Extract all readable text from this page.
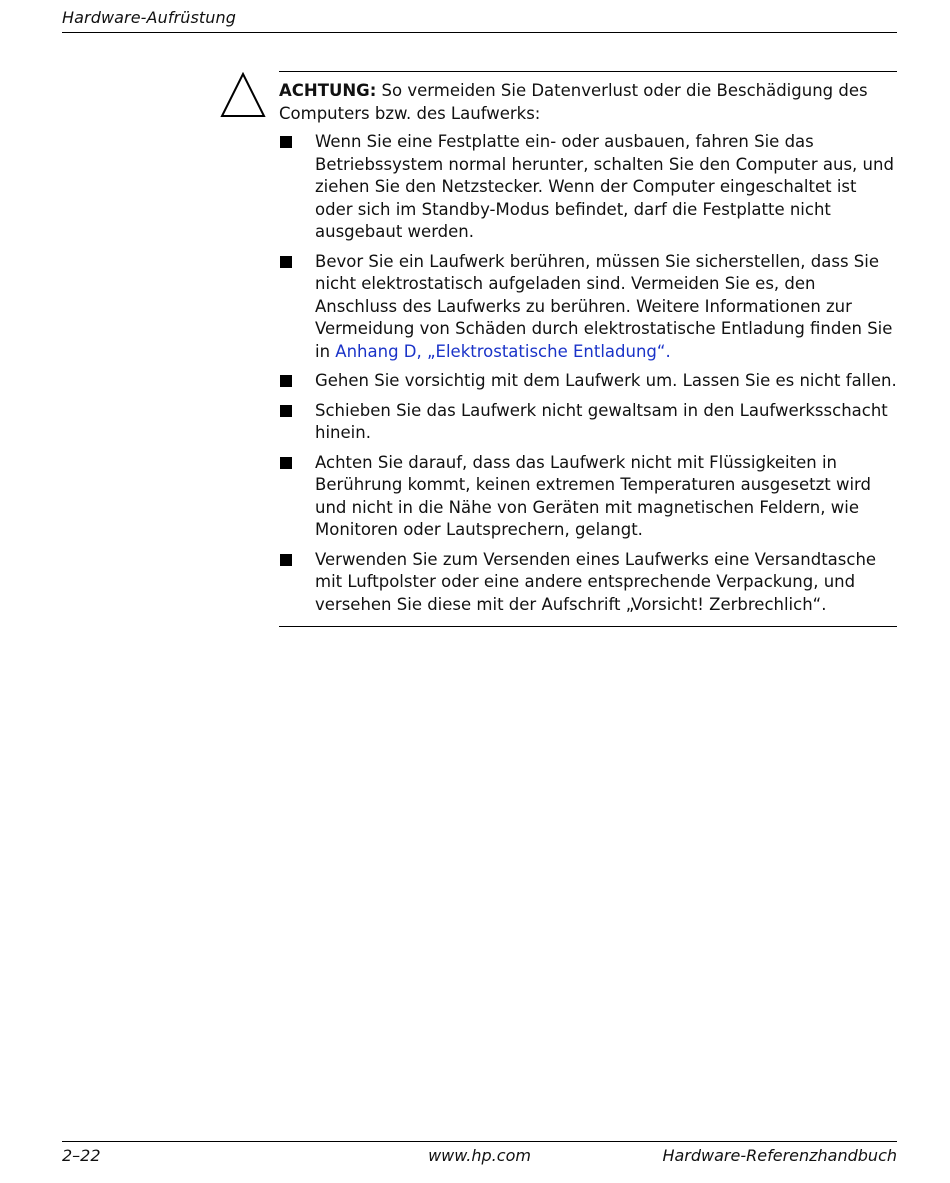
Hardware-Aufrüstung

ACHTUNG: So vermeiden Sie Datenverlust oder die Beschädigung des Computers bzw. des Laufwerks:

Wenn Sie eine Festplatte ein- oder ausbauen, fahren Sie das Betriebssystem normal herunter, schalten Sie den Computer aus, und ziehen Sie den Netzstecker. Wenn der Computer eingeschaltet ist oder sich im Standby-Modus befindet, darf die Festplatte nicht ausgebaut werden.
Bevor Sie ein Laufwerk berühren, müssen Sie sicherstellen, dass Sie nicht elektrostatisch aufgeladen sind. Vermeiden Sie es, den Anschluss des Laufwerks zu berühren. Weitere Informationen zur Vermeidung von Schäden durch elektrostatische Entladung finden Sie in Anhang D, „Elektrostatische Entladung“.
Gehen Sie vorsichtig mit dem Laufwerk um. Lassen Sie es nicht fallen.
Schieben Sie das Laufwerk nicht gewaltsam in den Laufwerksschacht hinein.
Achten Sie darauf, dass das Laufwerk nicht mit Flüssigkeiten in Berührung kommt, keinen extremen Temperaturen ausgesetzt wird und nicht in die Nähe von Geräten mit magnetischen Feldern, wie Monitoren oder Lautsprechern, gelangt.
Verwenden Sie zum Versenden eines Laufwerks eine Versandtasche mit Luftpolster oder eine andere entsprechende Verpackung, und versehen Sie diese mit der Aufschrift „Vorsicht! Zerbrechlich“.
2–22	www.hp.com	Hardware-Referenzhandbuch
